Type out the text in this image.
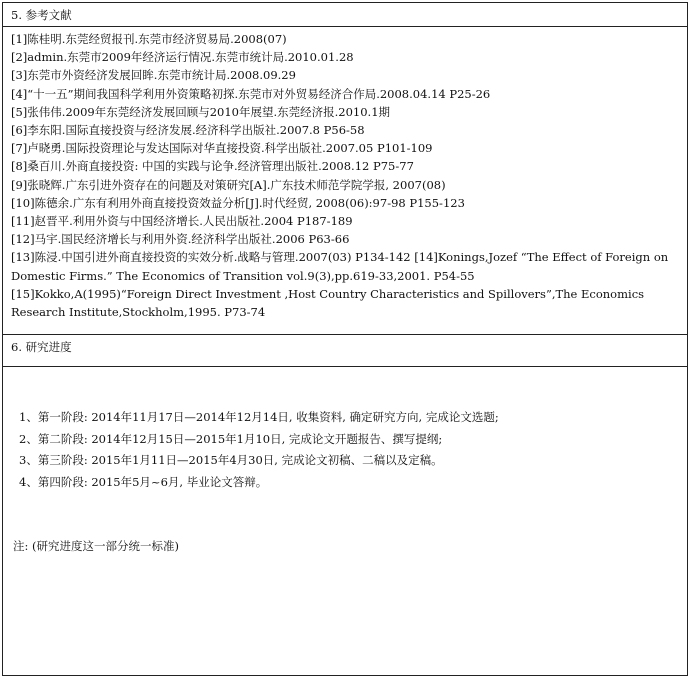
5. 参考文献

[1]陈桂明.东莞经贸报刊.东莞市经济贸易局.2008(07)

[2]admin.东莞市2009年经济运行情况.东莞市统计局.2010.01.28

[3]东莞市外资经济发展回眸.东莞市统计局.2008.09.29

[4]“十一五”期间我国科学利用外资策略初探.东莞市对外贸易经济合作局.2008.04.14 P25-26

[5]张伟伟.2009年东莞经济发展回顾与2010年展望.东莞经济报.2010.1期

[6]李东阳.国际直接投资与经济发展.经济科学出版社.2007.8 P56-58

[7]卢晓勇.国际投资理论与发达国际对华直接投资.科学出版社.2007.05 P101-109

[8]桑百川.外商直接投资: 中国的实践与论争.经济管理出版社.2008.12 P75-77

[9]张晓辉.广东引进外资存在的问题及对策研究[A].广东技术师范学院学报, 2007(08)

[10]陈德余.广东有利用外商直接投资效益分析[J].时代经贸, 2008(06):97-98 P155-123

[11]赵晋平.利用外资与中国经济增长.人民出版社.2004 P187-189

[12]马宇.国民经济增长与利用外资.经济科学出版社.2006 P63-66

[13]陈浸.中国引进外商直接投资的实效分析.战略与管理.2007(03) P134-142 [14]Konings,Jozef “The Effect of Foreign on Domestic Firms.” The Economics of Transition vol.9(3),pp.619-33,2001. P54-55

[15]Kokko,A(1995)“Foreign Direct Investment ,Host Country Characteristics and Spillovers”,The Economics Research Institute,Stockholm,1995. P73-74

6. 研究进度

1、第一阶段: 2014年11月17日—2014年12月14日, 收集资料, 确定研究方向, 完成论文选题;

2、第二阶段: 2014年12月15日—2015年1月10日, 完成论文开题报告、撰写提纲;

3、第三阶段: 2015年1月11日—2015年4月30日, 完成论文初稿、二稿以及定稿。

4、第四阶段: 2015年5月~6月, 毕业论文答辩。

注: (研究进度这一部分统一标准)
